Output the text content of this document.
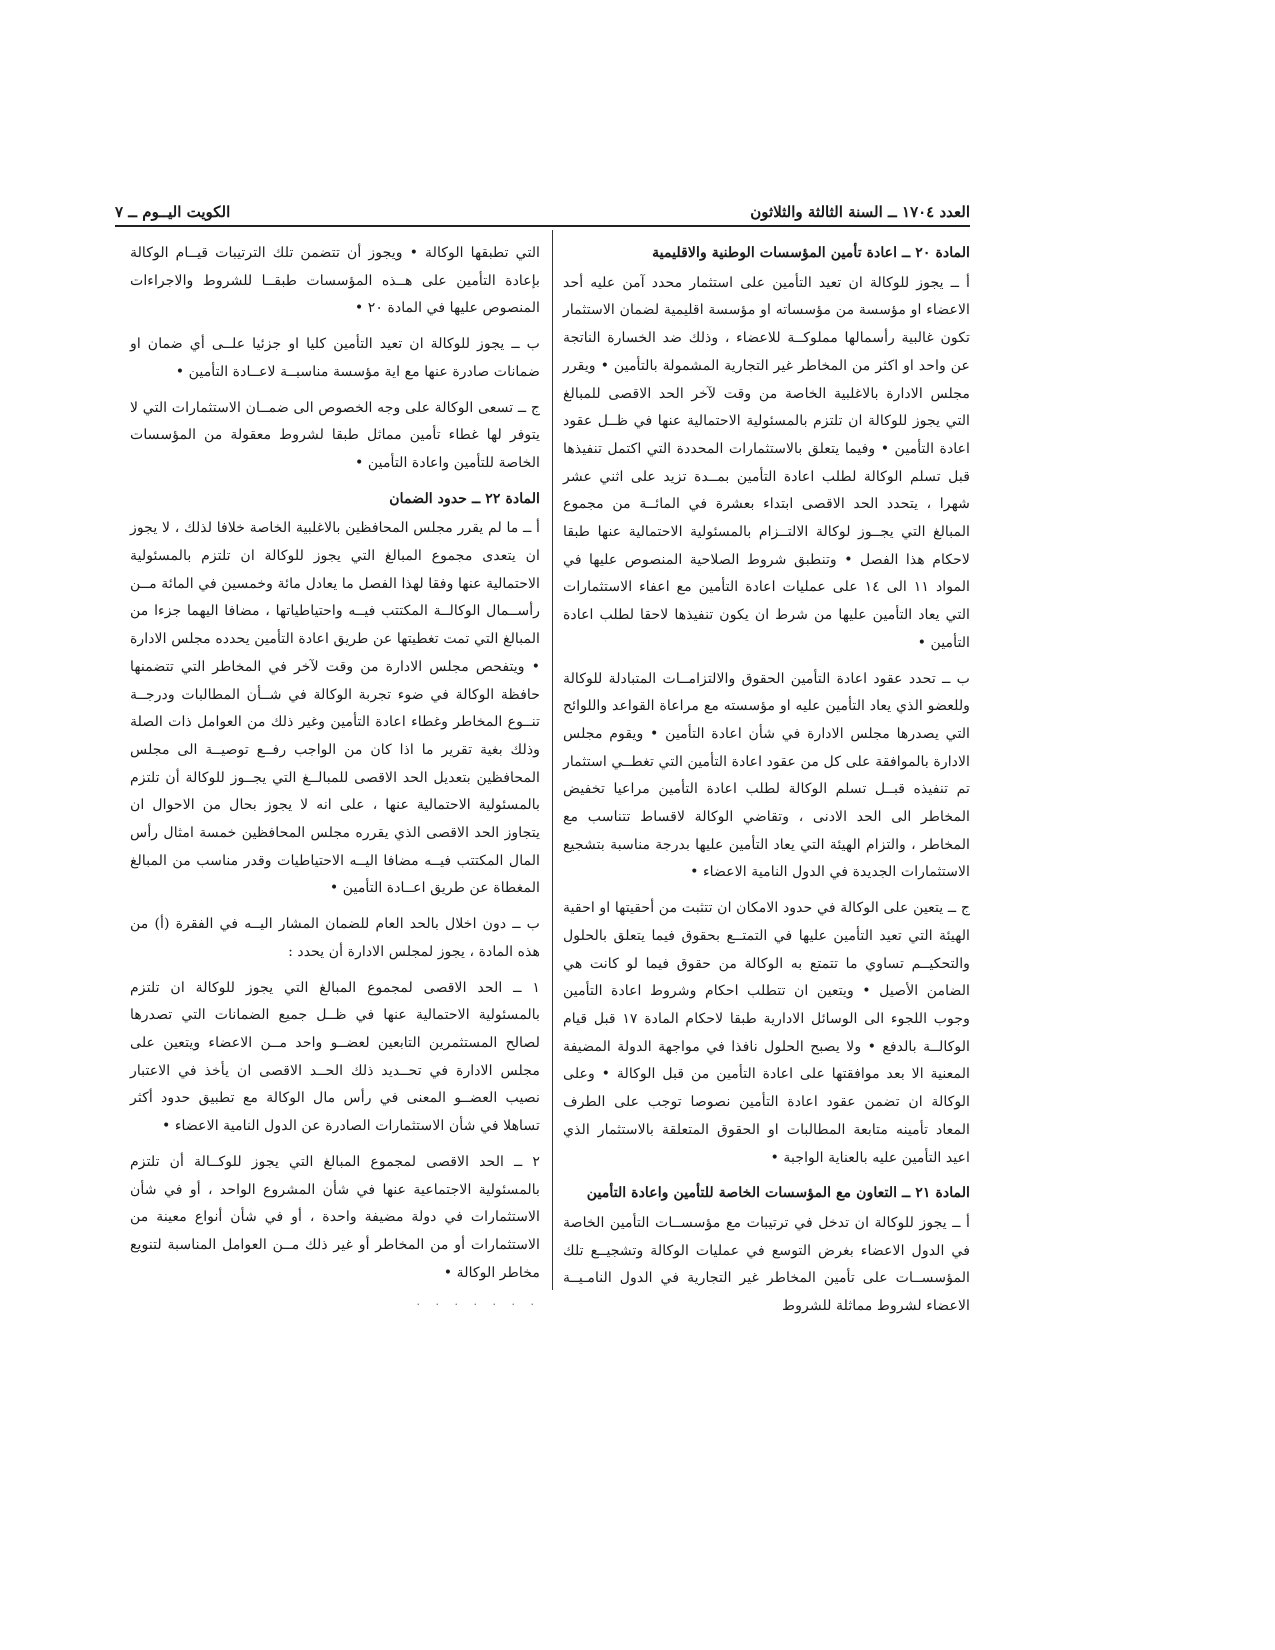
العدد ١٧٠٤ ــ السنة الثالثة والثلاثون
الكويت اليــوم ــ ٧
المادة ٢٠ ــ اعادة تأمين المؤسسات الوطنية والاقليمية

أ ــ يجوز للوكالة ان تعيد التأمين على استثمار محدد آمن عليه أحد الاعضاء او مؤسسة من مؤسساته او مؤسسة اقليمية لضمان الاستثمار تكون غالبية رأسمالها مملوكــة للاعضاء ، وذلك ضد الخسارة الناتجة عن واحد او اكثر من المخاطر غير التجارية المشمولة بالتأمين • ويقرر مجلس الادارة بالاغلبية الخاصة من وقت لآخر الحد الاقصى للمبالغ التي يجوز للوكالة ان تلتزم بالمسئولية الاحتمالية عنها في ظــل عقود اعادة التأمين • وفيما يتعلق بالاستثمارات المحددة التي اكتمل تنفيذها قبل تسلم الوكالة لطلب اعادة التأمين بمــدة تزيد على اثني عشر شهرا ، يتحدد الحد الاقصى ابتداء بعشرة في المائــة من مجموع المبالغ التي يجــوز لوكالة الالتــزام بالمسئولية الاحتمالية عنها طبقا لاحكام هذا الفصل • وتنطبق شروط الصلاحية المنصوص عليها في المواد ١١ الى ١٤ على عمليات اعادة التأمين مع اعفاء الاستثمارات التي يعاد التأمين عليها من شرط ان يكون تنفيذها لاحقا لطلب اعادة التأمين •

ب ــ تحدد عقود اعادة التأمين الحقوق والالتزامــات المتبادلة للوكالة وللعضو الذي يعاد التأمين عليه او مؤسسته مع مراعاة القواعد واللوائح التي يصدرها مجلس الادارة في شأن اعادة التأمين • ويقوم مجلس الادارة بالموافقة على كل من عقود اعادة التأمين التي تغطــي استثمار تم تنفيذه قبــل تسلم الوكالة لطلب اعادة التأمين مراعيا تخفيض المخاطر الى الحد الادنى ، وتقاضي الوكالة لاقساط تتناسب مع المخاطر ، والتزام الهيئة التي يعاد التأمين عليها بدرجة مناسبة بتشجيع الاستثمارات الجديدة في الدول النامية الاعضاء •

ج ــ يتعين على الوكالة في حدود الامكان ان تتثبت من أحقيتها او احقية الهيئة التي تعيد التأمين عليها في التمتــع بحقوق فيما يتعلق بالحلول والتحكيــم تساوي ما تتمتع به الوكالة من حقوق فيما لو كانت هي الضامن الأصيل • ويتعين ان تتطلب احكام وشروط اعادة التأمين وجوب اللجوء الى الوسائل الادارية طبقا لاحكام المادة ١٧ قبل قيام الوكالــة بالدفع • ولا يصبح الحلول نافذا في مواجهة الدولة المضيفة المعنية الا بعد موافقتها على اعادة التأمين من قبل الوكالة • وعلى الوكالة ان تضمن عقود اعادة التأمين نصوصا توجب على الطرف المعاد تأمينه متابعة المطالبات او الحقوق المتعلقة بالاستثمار الذي اعيد التأمين عليه بالعناية الواجبة •

المادة ٢١ ــ التعاون مع المؤسسات الخاصة للتأمين واعادة التأمين

أ ــ يجوز للوكالة ان تدخل في ترتيبات مع مؤسســات التأمين الخاصة في الدول الاعضاء بغرض التوسع في عمليات الوكالة وتشجيــع تلك المؤسســات على تأمين المخاطر غير التجارية في الدول النامـيــة الاعضاء لشروط مماثلة للشروط

التي تطبقها الوكالة • ويجوز أن تتضمن تلك الترتيبات قيــام الوكالة بإعادة التأمين على هــذه المؤسسات طبقــا للشروط والاجراءات المنصوص عليها في المادة ٢٠ •

ب ــ يجوز للوكالة ان تعيد التأمين كليا او جزئيا علــى أي ضمان او ضمانات صادرة عنها مع اية مؤسسة مناسبــة لاعــادة التأمين •

ج ــ تسعى الوكالة على وجه الخصوص الى ضمــان الاستثمارات التي لا يتوفر لها غطاء تأمين مماثل طبقا لشروط معقولة من المؤسسات الخاصة للتأمين واعادة التأمين •

المادة ٢٢ ــ حدود الضمان

أ ــ ما لم يقرر مجلس المحافظين بالاغلبية الخاصة خلافا لذلك ، لا يجوز ان يتعدى مجموع المبالغ التي يجوز للوكالة ان تلتزم بالمسئولية الاحتمالية عنها وفقا لهذا الفصل ما يعادل مائة وخمسين في المائة مــن رأســمال الوكالــة المكتتب فيــه واحتياطياتها ، مضافا اليهما جزءا من المبالغ التي تمت تغطيتها عن طريق اعادة التأمين يحدده مجلس الادارة • ويتفحص مجلس الادارة من وقت لآخر في المخاطر التي تتضمنها حافظة الوكالة في ضوء تجربة الوكالة في شــأن المطالبات ودرجــة تنــوع المخاطر وغطاء اعادة التأمين وغير ذلك من العوامل ذات الصلة وذلك بغية تقرير ما اذا كان من الواجب رفــع توصيــة الى مجلس المحافظين بتعديل الحد الاقصى للمبالــغ التي يجــوز للوكالة أن تلتزم بالمسئولية الاحتمالية عنها ، على انه لا يجوز بحال من الاحوال ان يتجاوز الحد الاقصى الذي يقرره مجلس المحافظين خمسة امثال رأس المال المكتتب فيــه مضافا اليــه الاحتياطيات وقدر مناسب من المبالغ المغطاة عن طريق اعــادة التأمين •

ب ــ دون اخلال بالحد العام للضمان المشار اليــه في الفقرة (أ) من هذه المادة ، يجوز لمجلس الادارة أن يحدد :

١ ــ الحد الاقصى لمجموع المبالغ التي يجوز للوكالة ان تلتزم بالمسئولية الاحتمالية عنها في ظــل جميع الضمانات التي تصدرها لصالح المستثمرين التابعين لعضــو واحد مــن الاعضاء ويتعين على مجلس الادارة في تحــديد ذلك الحــد الاقصى ان يأخذ في الاعتبار نصيب العضــو المعنى في رأس مال الوكالة مع تطبيق حدود أكثر تساهلا في شأن الاستثمارات الصادرة عن الدول النامية الاعضاء •

٢ ــ الحد الاقصى لمجموع المبالغ التي يجوز للوكــالة أن تلتزم بالمسئولية الاجتماعية عنها في شأن المشروع الواحد ، أو في شأن الاستثمارات في دولة مضيفة واحدة ، أو في شأن أنواع معينة من الاستثمارات أو من المخاطر أو غير ذلك مــن العوامل المناسبة لتنويع مخاطر الوكالة •

. . . . . . .
